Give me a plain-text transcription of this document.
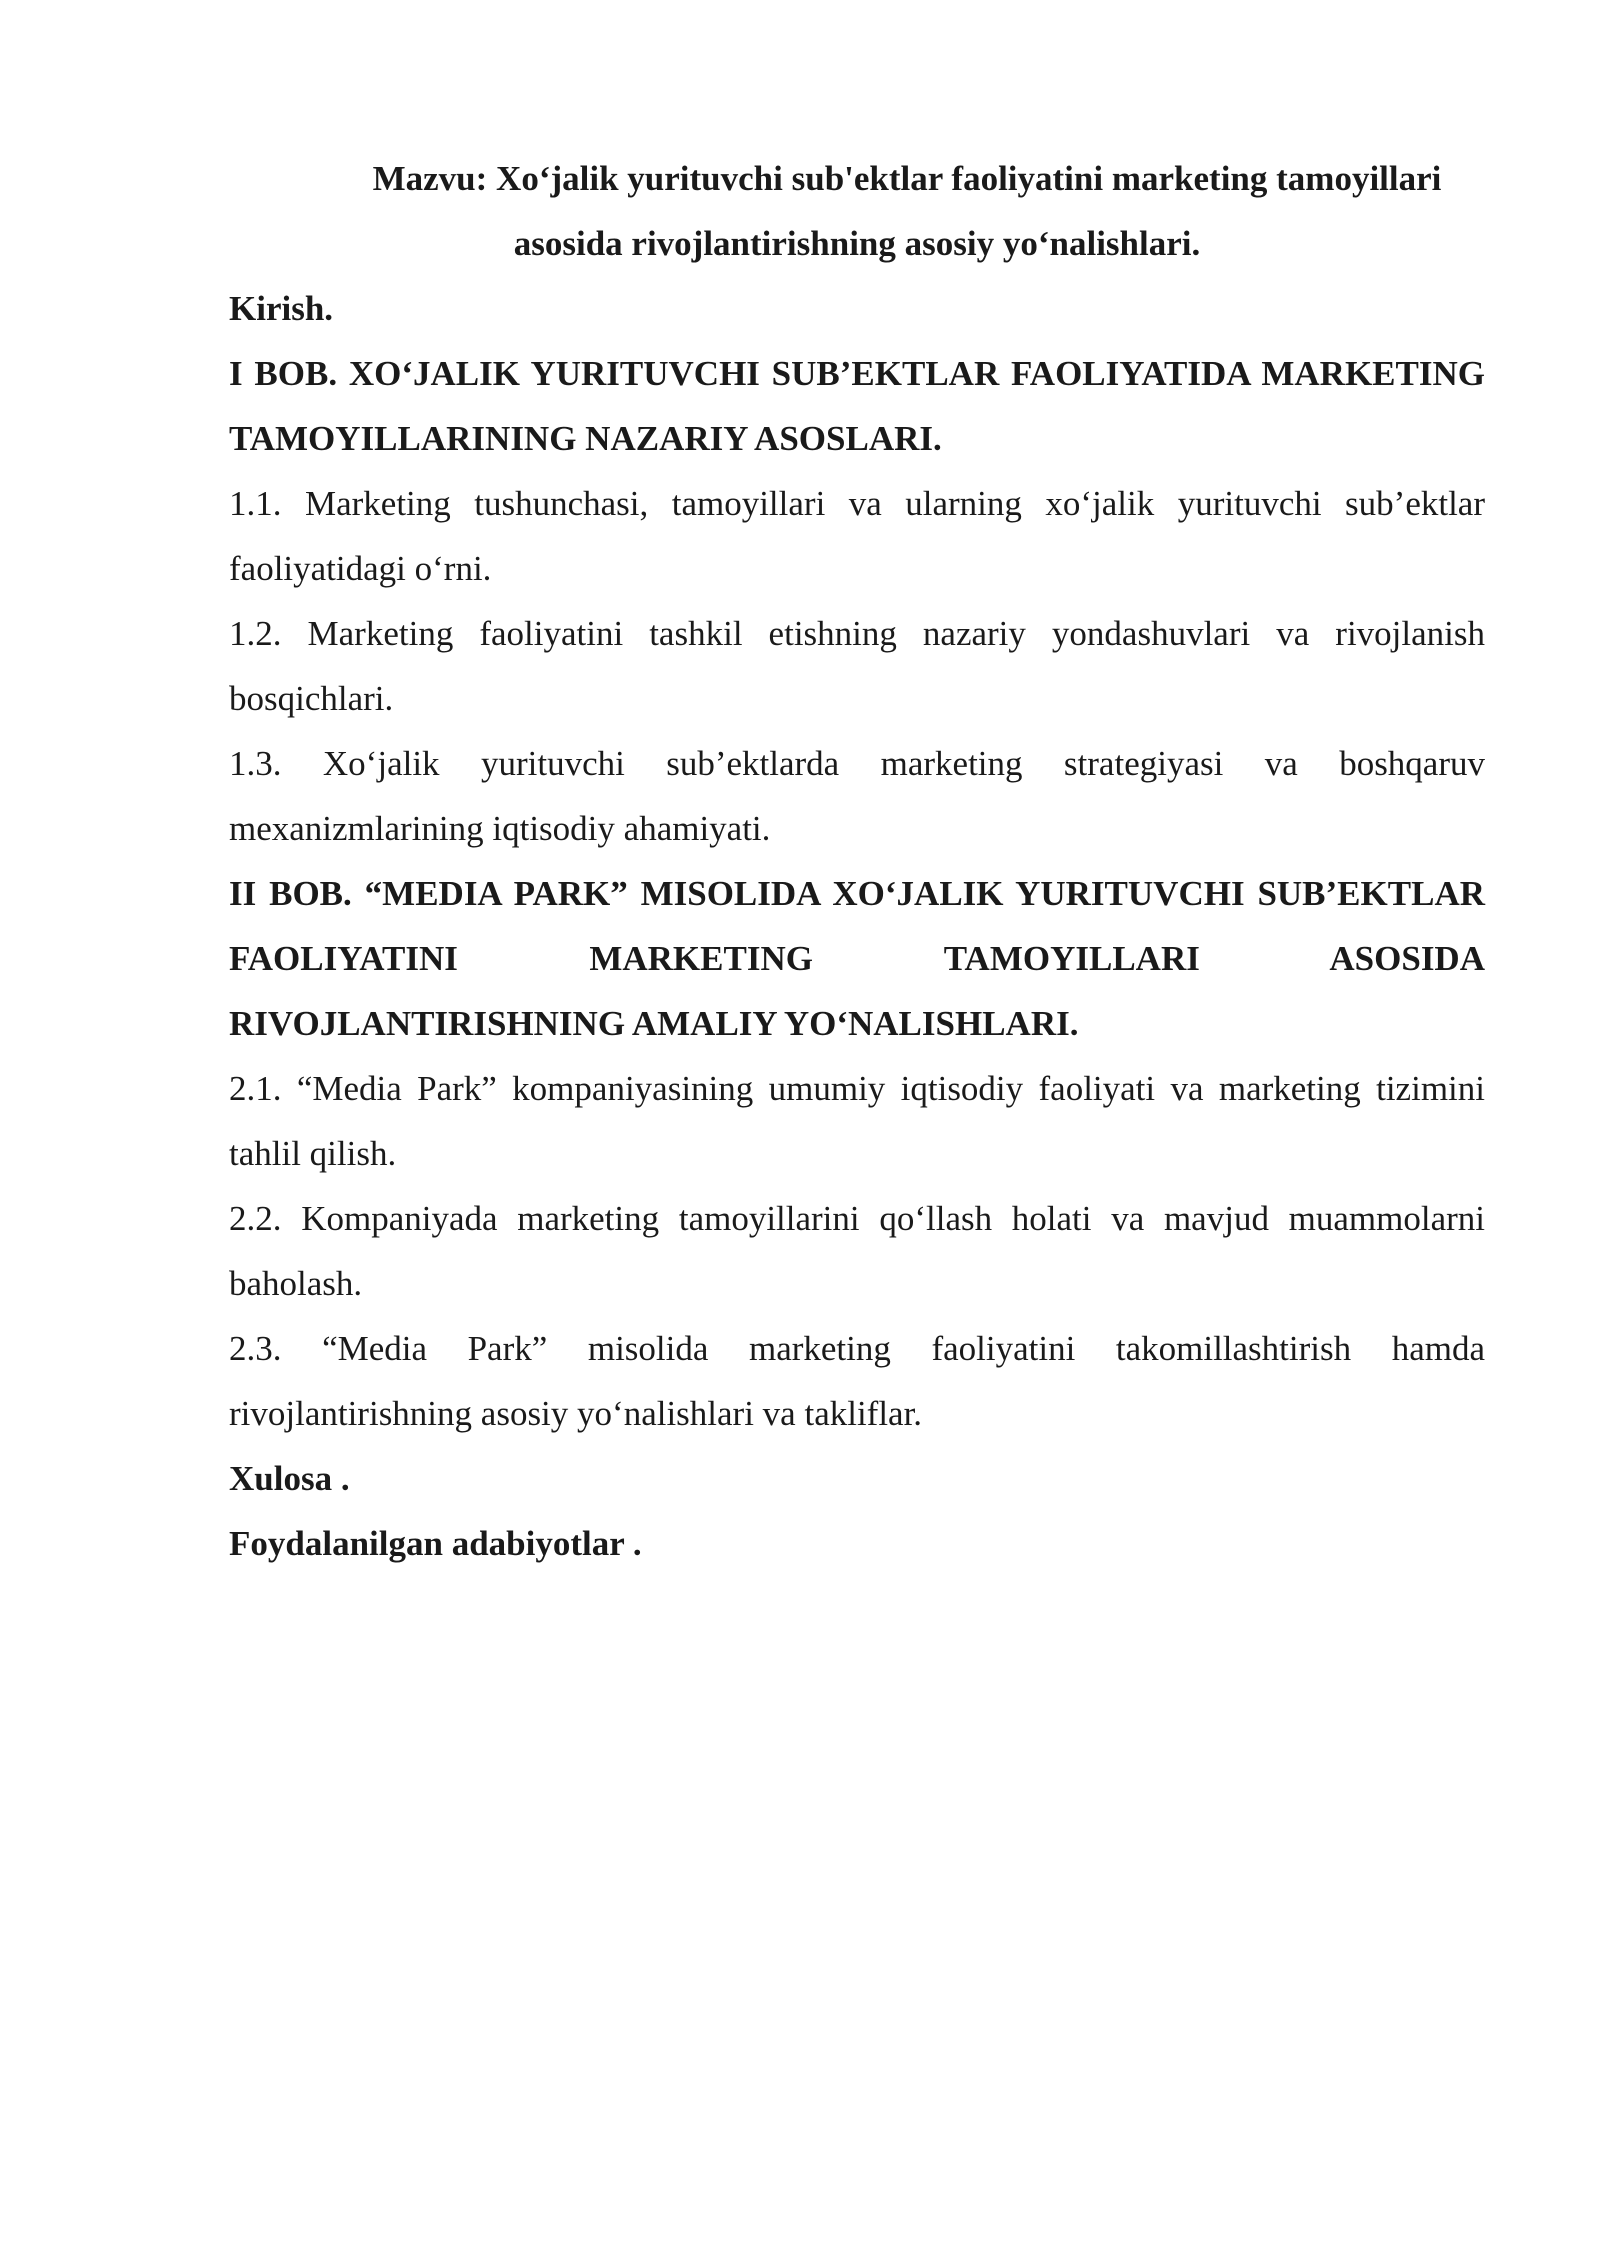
Mazvu: Xo‘jalik yurituvchi sub'ektlar faoliyatini marketing tamoyillari

asosida rivojlantirishning asosiy yo‘nalishlari.

Kirish.

I BOB. XO‘JALIK YURITUVCHI SUB’EKTLAR FAOLIYATIDA MARKETING TAMOYILLARINING NAZARIY ASOSLARI.

1.1. Marketing tushunchasi, tamoyillari va ularning xo‘jalik yurituvchi sub’ektlar faoliyatidagi o‘rni.

1.2. Marketing faoliyatini tashkil etishning nazariy yondashuvlari va rivojlanish bosqichlari.

1.3. Xo‘jalik yurituvchi sub’ektlarda marketing strategiyasi va boshqaruv mexanizmlarining iqtisodiy ahamiyati.

II BOB. “MEDIA PARK” MISOLIDA XO‘JALIK YURITUVCHI SUB’EKTLAR FAOLIYATINI MARKETING TAMOYILLARI ASOSIDA RIVOJLANTIRISHNING AMALIY YO‘NALISHLARI.

2.1. “Media Park” kompaniyasining umumiy iqtisodiy faoliyati va marketing tizimini tahlil qilish.

2.2. Kompaniyada marketing tamoyillarini qo‘llash holati va mavjud muammolarni baholash.

2.3. “Media Park” misolida marketing faoliyatini takomillashtirish hamda rivojlantirishning asosiy yo‘nalishlari va takliflar.

Xulosa .

Foydalanilgan adabiyotlar .
